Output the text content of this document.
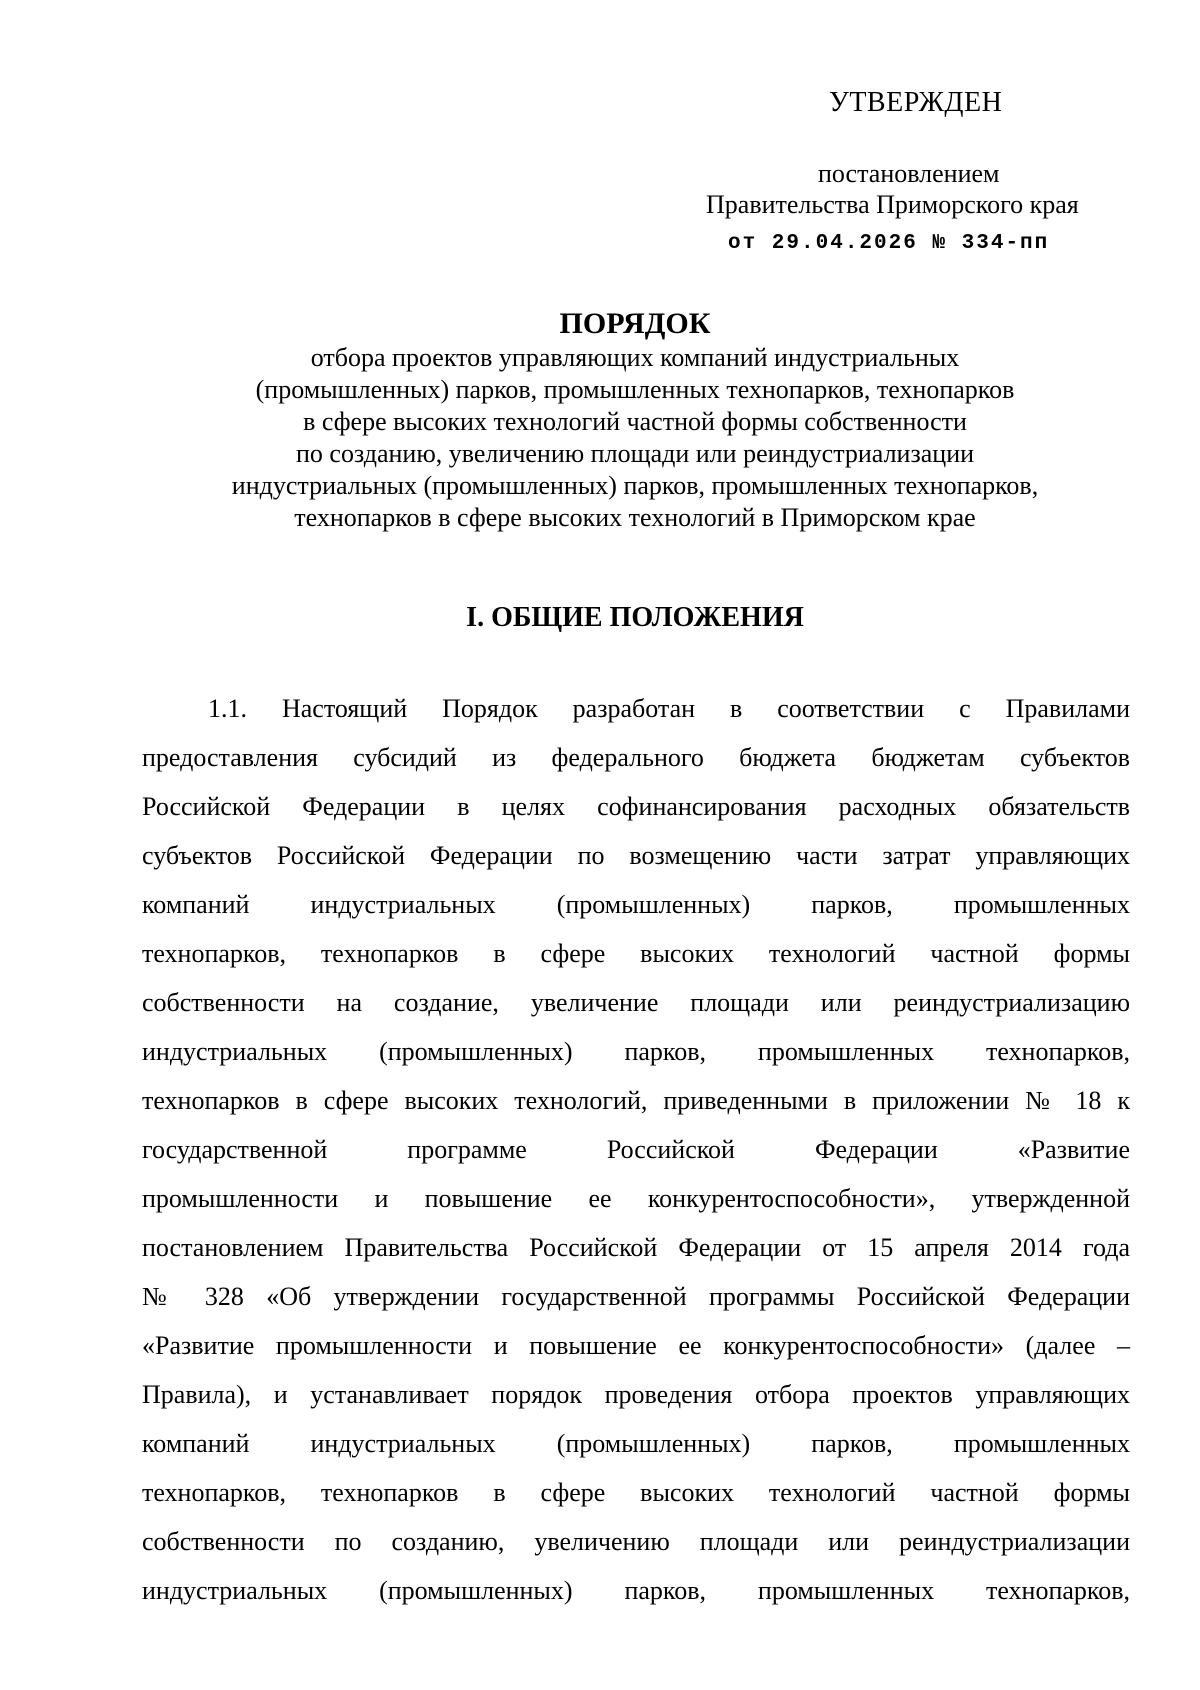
УТВЕРЖДЕН
постановлением
Правительства Приморского края
от 29.04.2026 № 334-пп
ПОРЯДОК
отбора проектов управляющих компаний индустриальных
(промышленных) парков, промышленных технопарков, технопарков
в сфере высоких технологий частной формы собственности
по созданию, увеличению площади или реиндустриализации
индустриальных (промышленных) парков, промышленных технопарков,
технопарков в сфере высоких технологий в Приморском крае
I. ОБЩИЕ ПОЛОЖЕНИЯ
1.1. Настоящий Порядок разработан в соответствии с Правилами
предоставления субсидий из федерального бюджета бюджетам субъектов
Российской Федерации в целях софинансирования расходных обязательств
субъектов Российской Федерации по возмещению части затрат управляющих
компаний индустриальных (промышленных) парков, промышленных
технопарков, технопарков в сфере высоких технологий частной формы
собственности на создание, увеличение площади или реиндустриализацию
индустриальных (промышленных) парков, промышленных технопарков,
технопарков в сфере высоких технологий, приведенными в приложении № 18 к
государственной программе Российской Федерации «Развитие
промышленности и повышение ее конкурентоспособности», утвержденной
постановлением Правительства Российской Федерации от 15 апреля 2014 года
№ 328 «Об утверждении государственной программы Российской Федерации
«Развитие промышленности и повышение ее конкурентоспособности» (далее –
Правила), и устанавливает порядок проведения отбора проектов управляющих
компаний индустриальных (промышленных) парков, промышленных
технопарков, технопарков в сфере высоких технологий частной формы
собственности по созданию, увеличению площади или реиндустриализации
индустриальных (промышленных) парков, промышленных технопарков,
